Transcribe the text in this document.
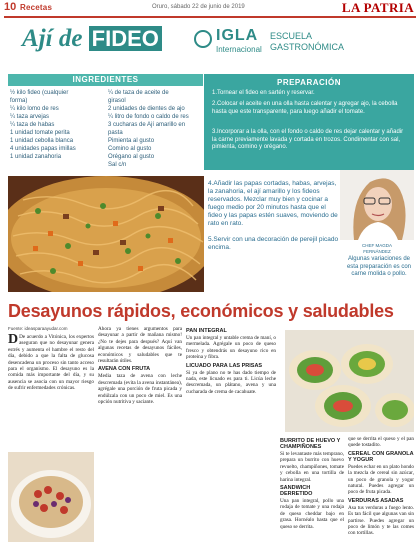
10 Recetas	Oruro, sábado 22 de junio de 2019	LA PATRIA
Ají de FIDEO	IGLA
Internacional
ESCUELA
GASTRONÓMICA
INGREDIENTES
½ kilo fideo (cualquier
forma)
¼ kilo lomo de res
¼ taza arvejas
¼ taza de habas
1 unidad tomate perita
1 unidad cebolla blanca
4 unidades papas imillas
1 unidad zanahoria
¼ de taza de aceite de
girasol
2 unidades de dientes de ajo
¼ litro de fondo o caldo de res
3 cucharas de Ají amarillo en
pasta
Pimienta al gusto
Comino al gusto
Orégano al gusto
Sal c/n
PREPARACIÓN
1.Tornear el fideo en sartén y reservar.
2.Colocar el aceite en una olla hasta calentar y agregar ajo, la cebolla hasta que este transparente, para luego añadir el tomate.
3.Incorporar a la olla, con el fondo o caldo de res dejar calentar y añadir la carne previamente lavada y cortada en trozos. Condimentar con sal, pimienta, comino y orégano.
4.Añadir las papas cortadas, habas, arvejas, la zanahoria, el ají amarillo y los fideos reservados. Mezclar muy bien y cocinar a fuego medio por 20 minutos hasta que el fideo y las papas estén suaves, moviendo de rato en rato.
5.Servir con una decoración de perejil picado encima.	CHEF MAGDA FERNÁNDEZ
Algunas variaciones de esta preparación es con carne molida o pollo.
Desayunos rápidos, económicos y saludables
Fuente: ideasparaayudar.com

D De acuerdo a Vitónica, los expertos aseguran que no desayunar genera estrés y aumenta el hambre el resto del día, debido a que la falta de glucosa desencadena un proceso sin tanto acceso para el organismo. El desayuno es la comida más importante del día, y su ausencia se asocia con un mayor riesgo de sufrir enfermedades crónicas.

Ahora ya tienes argumentos para desayunar a partir de mañana mismo! ¿No te dejes para después? Aquí van algunas recetas de desayunos fáciles, económicos y saludables que te resultarán útiles.

AVENA CON FRUTA

Media taza de avena con leche descremada (evita la avena instantánea), agrégale una porción de fruta picada y endúlzala con un poco de miel. Es una opción nutritiva y saciante.

PAN INTEGRAL

Un pan integral y untable crema de maní, o mermelada. Agrégale un poco de queso fresco y obtendrás un desayuno rico en proteína y fibra.

LICUADO PARA LAS PRISAS

Si ya de plano no te has dado tiempo de nada, este licuado es para ti. Licúa leche descremada, un plátano, avena y una cucharada de crema de cacahuate.

BURRITO DE HUEVO Y CHAMPIÑONES

Si te levantaste más temprano, prepara un burrito con huevo revuelto, champiñones, tomate y cebolla en una tortilla de harina integral.

SANDWICH DERRETIDO

Una pan integral, pollo una rodaja de tomate y una rodaja de queso cheddar bajo en grasa. Hornéalo hasta que el queso se derrita.

que se derrita el queso y el pan quede tostadito.

CEREAL CON GRANOLA Y YOGUR

Puedes echar en un plato hondo la mezcla de cereal sin azúcar, un poco de granola y yogur natural. Puedes agregar un poco de fruta picada.

VERDURAS ASADAS

Asa tus verduras a fuego lento. Es tan fácil que algunas van sin partirse. Puedes agregar un poco de limón y te las comes con tortillas.
